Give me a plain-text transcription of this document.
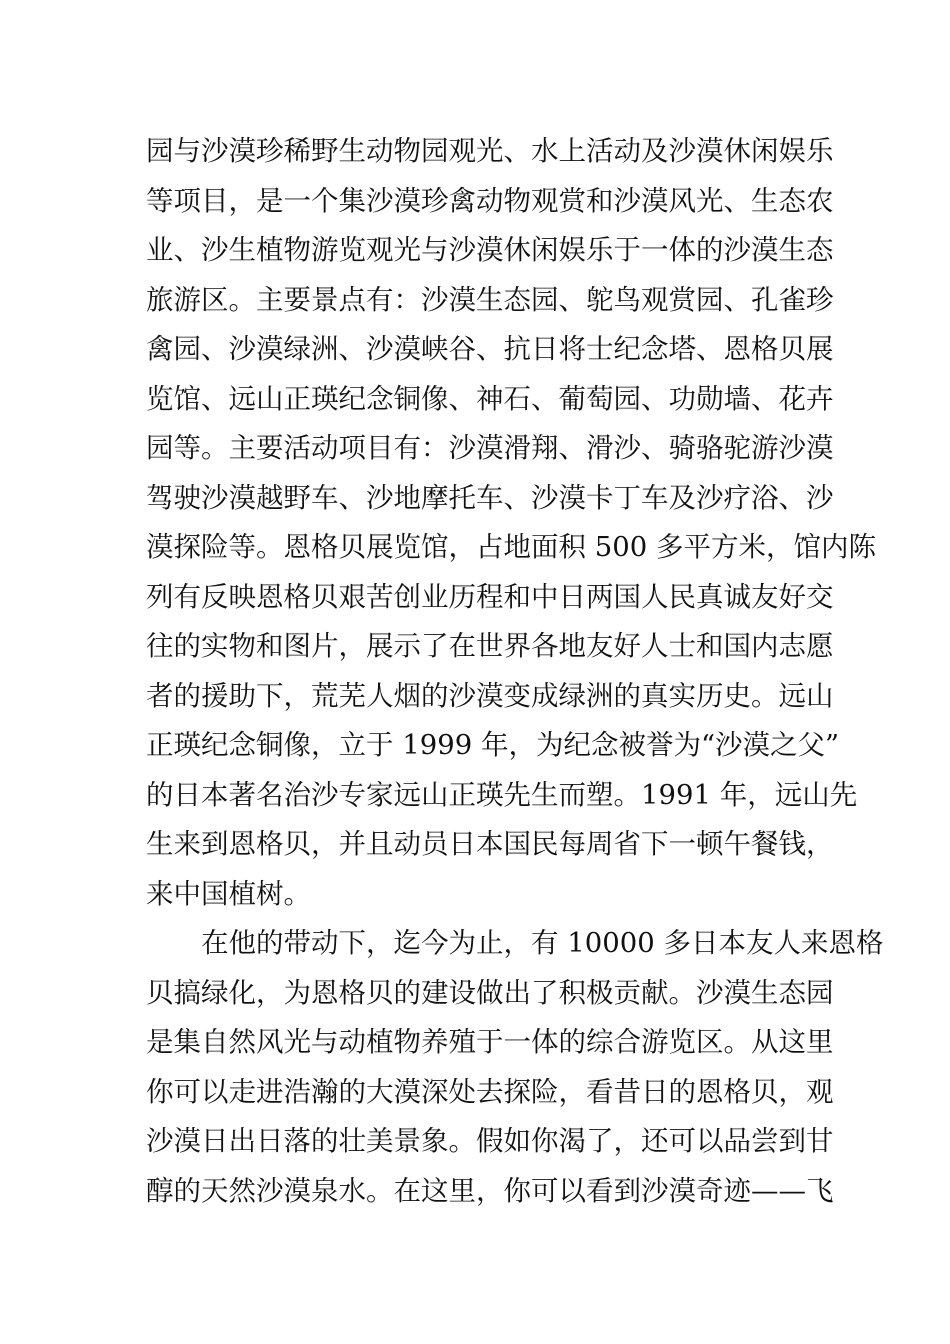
园与沙漠珍稀野生动物园观光、水上活动及沙漠休闲娱乐
等项目，是一个集沙漠珍禽动物观赏和沙漠风光、生态农
业、沙生植物游览观光与沙漠休闲娱乐于一体的沙漠生态
旅游区。主要景点有：沙漠生态园、鸵鸟观赏园、孔雀珍
禽园、沙漠绿洲、沙漠峡谷、抗日将士纪念塔、恩格贝展
览馆、远山正瑛纪念铜像、神石、葡萄园、功勋墙、花卉
园等。主要活动项目有：沙漠滑翔、滑沙、骑骆驼游沙漠
驾驶沙漠越野车、沙地摩托车、沙漠卡丁车及沙疗浴、沙
漠探险等。恩格贝展览馆，占地面积 500 多平方米，馆内陈
列有反映恩格贝艰苦创业历程和中日两国人民真诚友好交
往的实物和图片，展示了在世界各地友好人士和国内志愿
者的援助下，荒芜人烟的沙漠变成绿洲的真实历史。远山
正瑛纪念铜像，立于 1999 年，为纪念被誉为“沙漠之父”
的日本著名治沙专家远山正瑛先生而塑。1991 年，远山先
生来到恩格贝，并且动员日本国民每周省下一顿午餐钱，
来中国植树。
在他的带动下，迄今为止，有 10000 多日本友人来恩格
贝搞绿化，为恩格贝的建设做出了积极贡献。沙漠生态园
是集自然风光与动植物养殖于一体的综合游览区。从这里
你可以走进浩瀚的大漠深处去探险，看昔日的恩格贝，观
沙漠日出日落的壮美景象。假如你渴了，还可以品尝到甘
醇的天然沙漠泉水。在这里，你可以看到沙漠奇迹——飞
